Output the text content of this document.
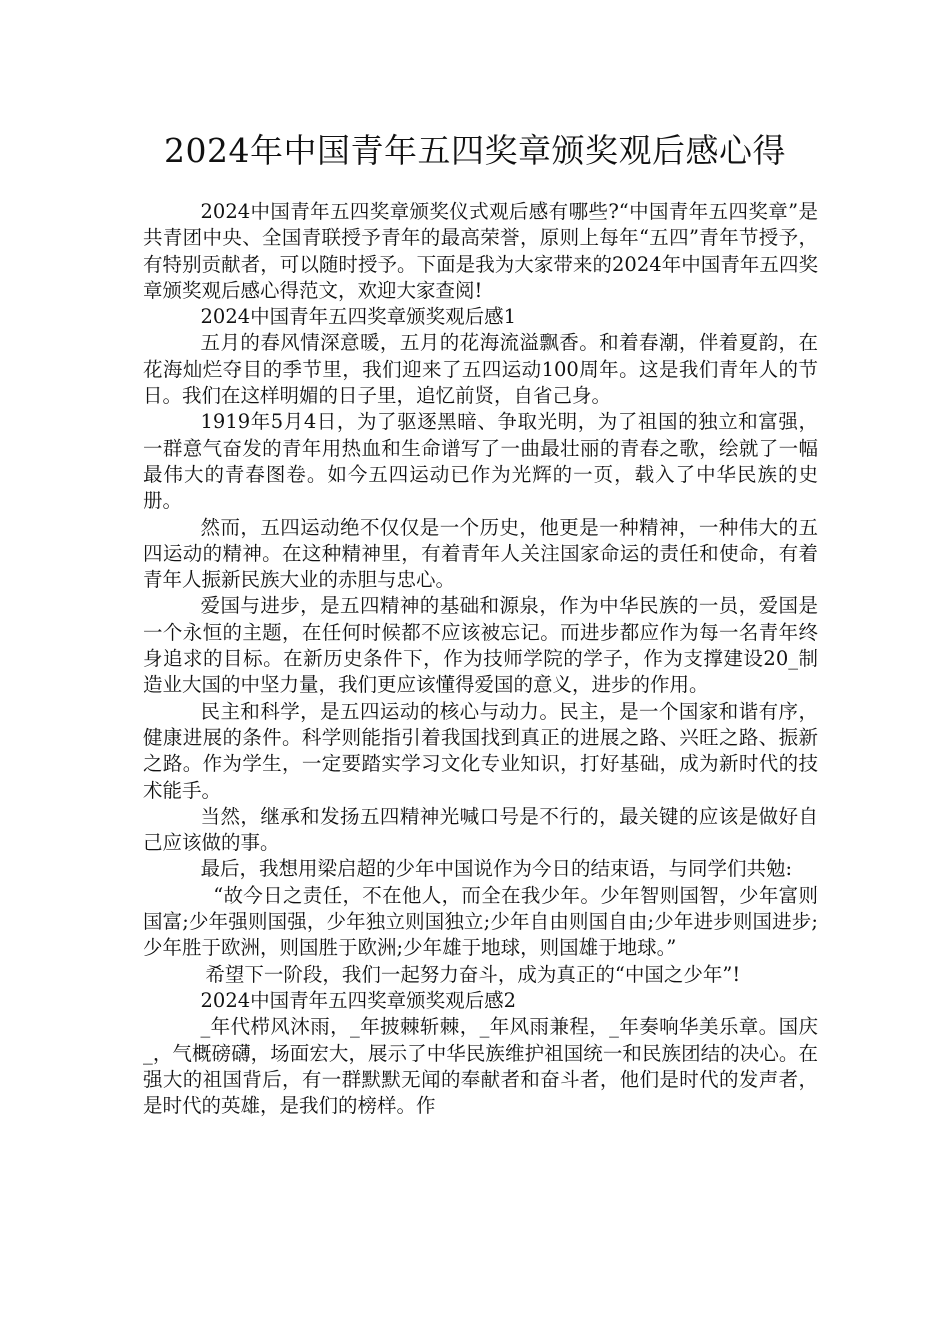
2024年中国青年五四奖章颁奖观后感心得

2024中国青年五四奖章颁奖仪式观后感有哪些?“中国青年五四奖章”是共青团中央、全国青联授予青年的最高荣誉，原则上每年“五四”青年节授予，有特别贡献者，可以随时授予。下面是我为大家带来的2024年中国青年五四奖章颁奖观后感心得范文，欢迎大家查阅!

2024中国青年五四奖章颁奖观后感1

五月的春风情深意暖，五月的花海流溢飘香。和着春潮，伴着夏韵，在花海灿烂夺目的季节里，我们迎来了五四运动100周年。这是我们青年人的节日。我们在这样明媚的日子里，追忆前贤，自省己身。

1919年5月4日，为了驱逐黑暗、争取光明，为了祖国的独立和富强，一群意气奋发的青年用热血和生命谱写了一曲最壮丽的青春之歌，绘就了一幅最伟大的青春图卷。如今五四运动已作为光辉的一页，载入了中华民族的史册。

然而，五四运动绝不仅仅是一个历史，他更是一种精神，一种伟大的五四运动的精神。在这种精神里，有着青年人关注国家命运的责任和使命，有着青年人振新民族大业的赤胆与忠心。

爱国与进步，是五四精神的基础和源泉，作为中华民族的一员，爱国是一个永恒的主题，在任何时候都不应该被忘记。而进步都应作为每一名青年终身追求的目标。在新历史条件下，作为技师学院的学子，作为支撑建设20_制造业大国的中坚力量，我们更应该懂得爱国的意义，进步的作用。

民主和科学，是五四运动的核心与动力。民主，是一个国家和谐有序，健康进展的条件。科学则能指引着我国找到真正的进展之路、兴旺之路、振新之路。作为学生，一定要踏实学习文化专业知识，打好基础，成为新时代的技术能手。

当然，继承和发扬五四精神光喊口号是不行的，最关键的应该是做好自己应该做的事。

最后，我想用梁启超的少年中国说作为今日的结束语，与同学们共勉:

“故今日之责任，不在他人，而全在我少年。少年智则国智，少年富则国富;少年强则国强，少年独立则国独立;少年自由则国自由;少年进步则国进步;少年胜于欧洲，则国胜于欧洲;少年雄于地球，则国雄于地球。”

希望下一阶段，我们一起努力奋斗，成为真正的“中国之少年”!

2024中国青年五四奖章颁奖观后感2

_年代栉风沐雨，_年披棘斩棘，_年风雨兼程，_年奏响华美乐章。国庆_，气概磅礴，场面宏大，展示了中华民族维护祖国统一和民族团结的决心。在强大的祖国背后，有一群默默无闻的奉献者和奋斗者，他们是时代的发声者，是时代的英雄，是我们的榜样。作
